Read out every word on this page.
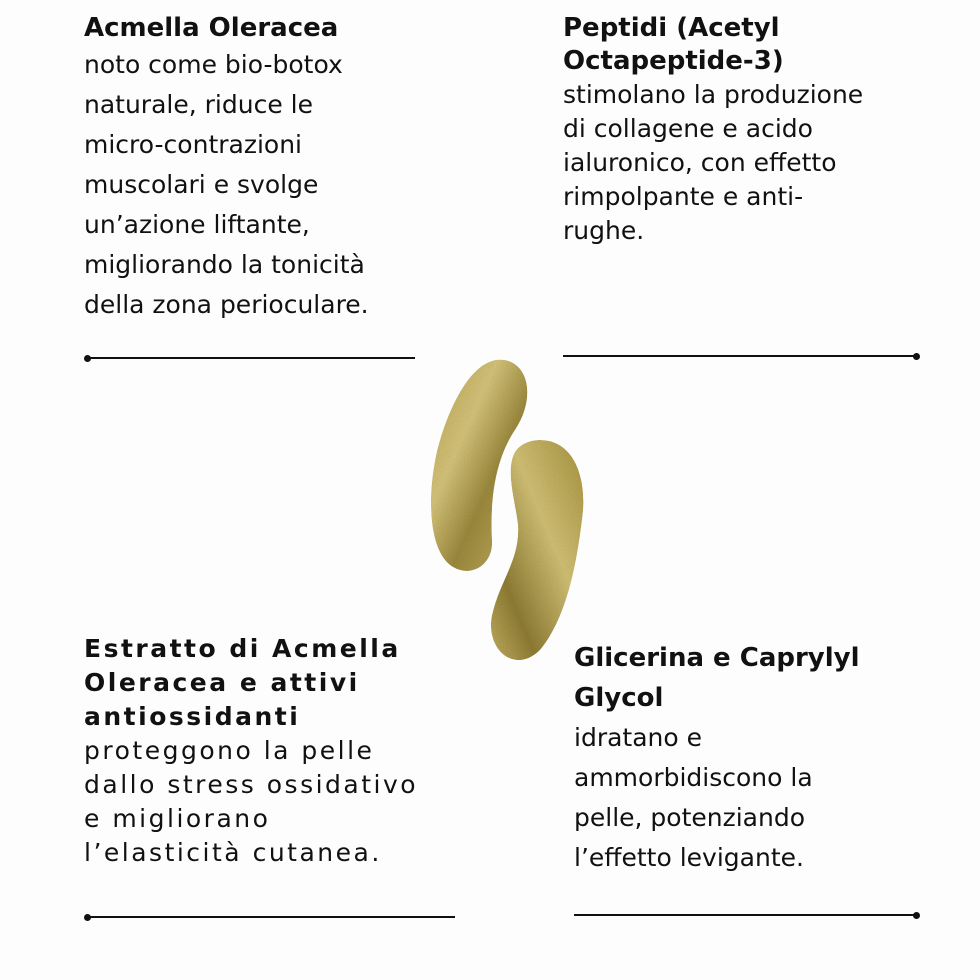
Acmella Oleracea
noto come bio-botox
naturale, riduce le
micro-contrazioni
muscolari e svolge
un’azione liftante,
migliorando la tonicità
della zona perioculare.
Peptidi (Acetyl
Octapeptide-3)
stimolano la produzione
di collagene e acido
ialuronico, con effetto
rimpolpante e anti-
rughe.
Estratto di Acmella
Oleracea e attivi
antiossidanti
proteggono la pelle
dallo stress ossidativo
e migliorano
l’elasticità cutanea.
Glicerina e Caprylyl
Glycol
idratano e
ammorbidiscono la
pelle, potenziando
l’effetto levigante.
